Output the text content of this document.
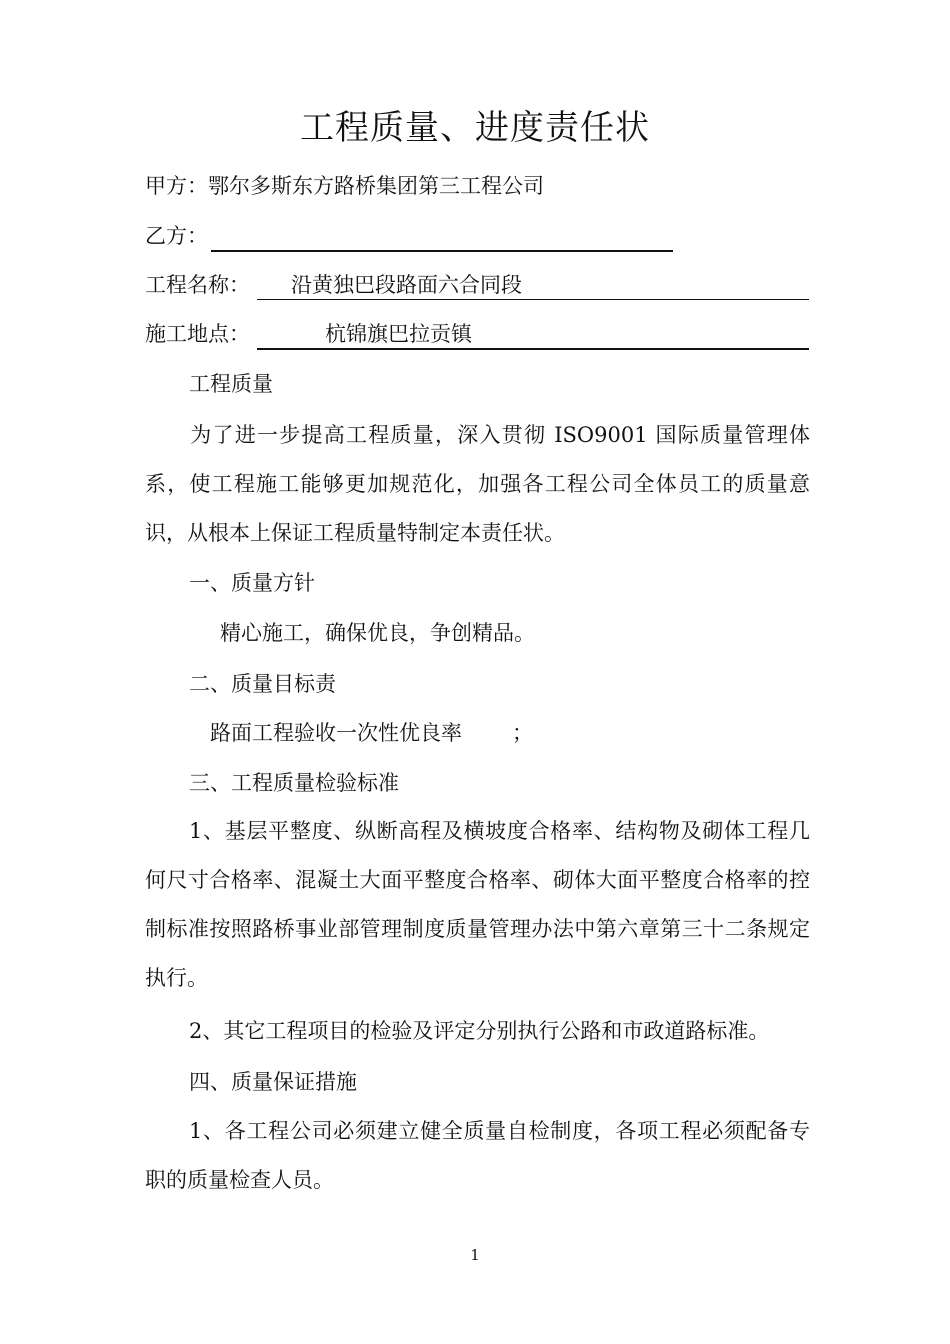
工程质量、进度责任状
甲方：鄂尔多斯东方路桥集团第三工程公司
乙方：
工程名称： 沿黄独巴段路面六合同段
施工地点：	杭锦旗巴拉贡镇
工程质量
为了进一步提高工程质量，深入贯彻 ISO9001 国际质量管理体系，使工程施工能够更加规范化，加强各工程公司全体员工的质量意识，从根本上保证工程质量特制定本责任状。
一、质量方针
精心施工，确保优良，争创精品。
二、质量目标责
路面工程验收一次性优良率 ；
三、工程质量检验标准
1、基层平整度、纵断高程及横坡度合格率、结构物及砌体工程几何尺寸合格率、混凝土大面平整度合格率、砌体大面平整度合格率的控制标准按照路桥事业部管理制度质量管理办法中第六章第三十二条规定执行。
2、其它工程项目的检验及评定分别执行公路和市政道路标准。
四、质量保证措施
1、各工程公司必须建立健全质量自检制度，各项工程必须配备专职的质量检查人员。
1
